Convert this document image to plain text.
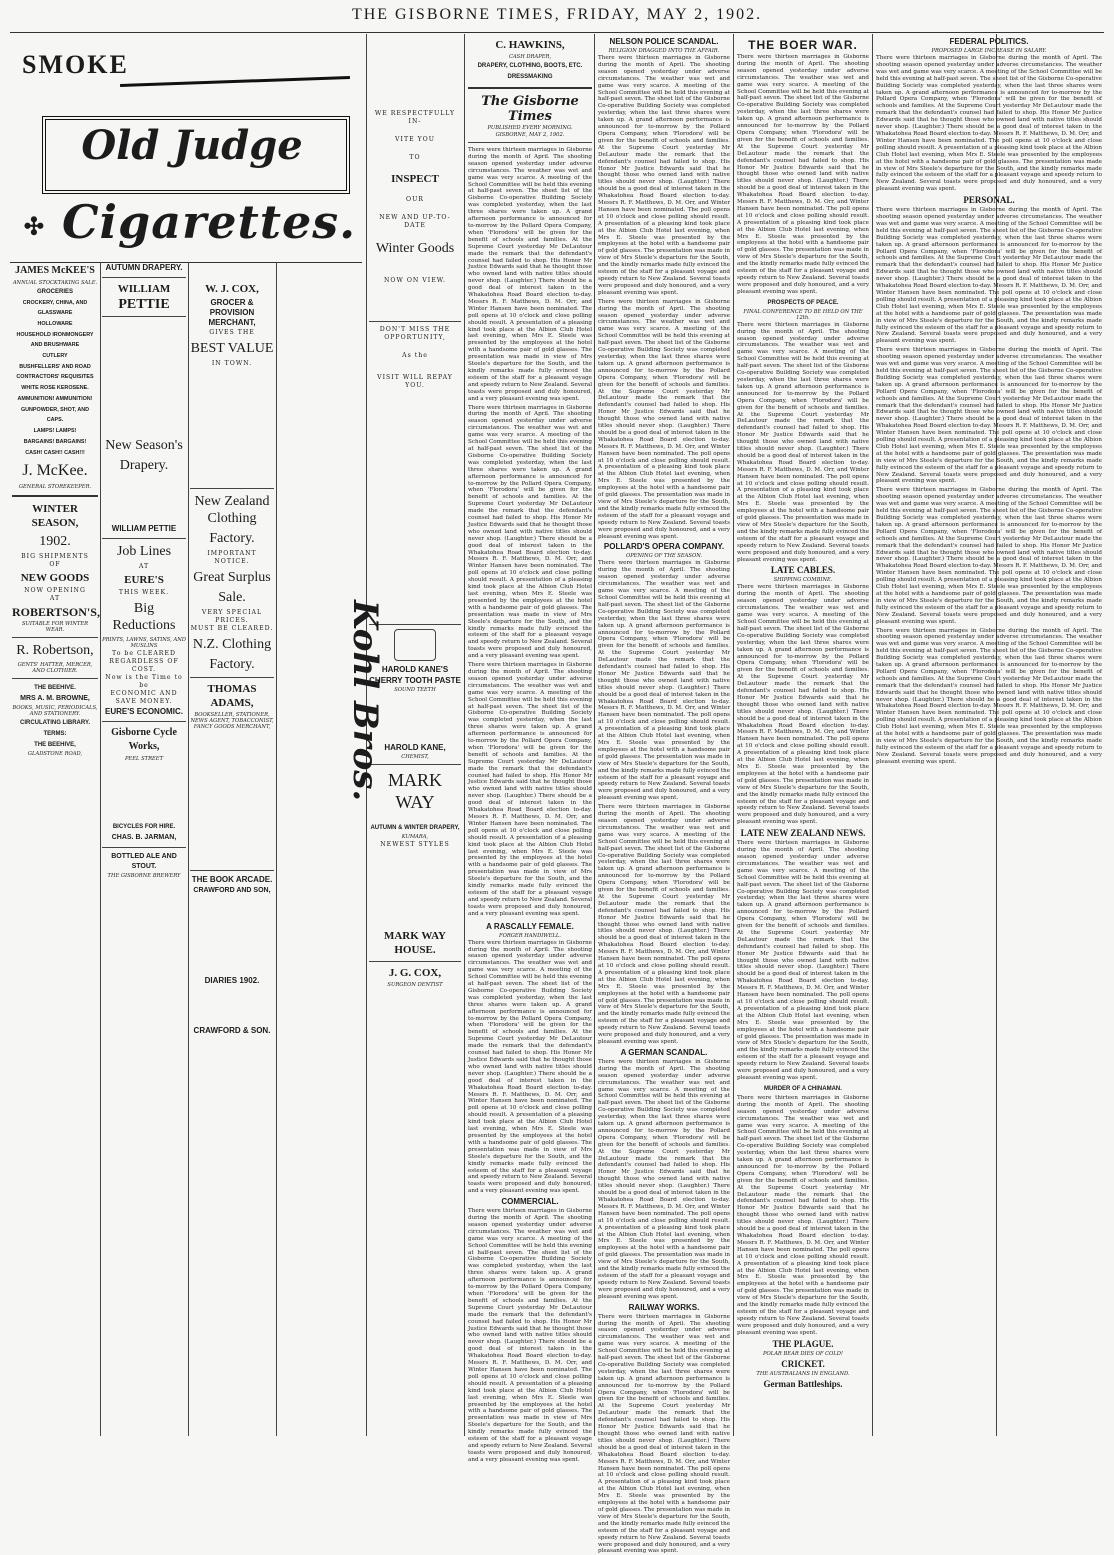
THE GISBORNE TIMES, FRIDAY, MAY 2, 1902.
SMOKE
Old Judge
✣ Cigarettes.
JAMES McKEE'S
ANNUAL STOCKTAKING SALE.
GROCERIES
CROCKERY, CHINA, AND GLASSWARE
HOLLOWARE
HOUSEHOLD IRONMONGERY AND BRUSHWARE
CUTLERY
BUSHFELLERS' AND ROAD CONTRACTORS' REQUISITES
WHITE ROSE KEROSENE.
AMMUNITION! AMMUNITION!
GUNPOWDER, SHOT, AND CAPS.
LAMPS! LAMPS!
BARGAINS! BARGAINS!
CASH! CASH!! CASH!!!
J. McKee.
GENERAL STOREKEEPER.
WINTER SEASON,
1902.
BIG SHIPMENTS
OF
NEW GOODS
NOW OPENING
AT
ROBERTSON'S,
SUITABLE FOR WINTER WEAR.
R. Robertson,
GENTS' HATTER, MERCER, AND CLOTHIER.
THE BEEHIVE.
MRS A. M. BROWNE,
BOOKS, MUSIC, PERIODICALS, AND STATIONERY.
CIRCULATING LIBRARY.
TERMS:
THE BEEHIVE,
GLADSTONE ROAD,
AUTUMN DRAPERY.
WILLIAM
PETTIE
New Season's
Drapery.
WILLIAM PETTIE
Job Lines
AT
EURE'S
THIS WEEK.
Big Reductions
PRINTS, LAWNS, SATINS, AND MUSLINS
To be CLEARED
REGARDLESS OF COST.
Now is the Time to be
ECONOMIC AND SAVE MONEY.
EURE'S ECONOMIC.
Gisborne Cycle Works,
PEEL STREET
BICYCLES FOR HIRE.
CHAS. B. JARMAN,
BOTTLED ALE AND STOUT.
THE GISBORNE BREWERY
W. J. COX,
GROCER & PROVISION MERCHANT,
GIVES THE
BEST VALUE
IN TOWN.
New Zealand Clothing
Factory.
IMPORTANT NOTICE.
Great Surplus
Sale.
VERY SPECIAL PRICES.
MUST BE CLEARED.
N.Z. Clothing
Factory.
THOMAS ADAMS,
BOOKSELLER, STATIONER, NEWS AGENT, TOBACCONIST, FANCY GOODS MERCHANT,
THE BOOK ARCADE.
CRAWFORD AND SON,
DIARIES 1902.
CRAWFORD & SON.
WE RESPECTFULLY IN-
VITE YOU
TO
INSPECT
OUR
NEW AND UP-TO-DATE
Winter Goods
NOW ON VIEW.
DON'T MISS THE OPPORTUNITY,
As the
VISIT WILL REPAY YOU.
HAROLD KANE'S
CHERRY TOOTH PASTE
SOUND TEETH
HAROLD KANE,
CHEMIST,
MARK WAY
AUTUMN & WINTER DRAPERY,
KUMARA,
NEWEST STYLES
MARK WAY HOUSE.
J. G. COX,
SURGEON DENTIST
Kohl Bros.
C. HAWKINS,
CASH DRAPER,
DRAPERY, CLOTHING, BOOTS, ETC.
DRESSMAKING
The Gisborne Times
PUBLISHED EVERY MORNING.
GISBORNE, MAY 2, 1902.

There were thirteen marriages in Gisborne during the month of April. The shooting season opened yesterday under adverse circumstances. The weather was wet and game was very scarce. A meeting of the School Committee will be held this evening at half-past seven. The sheet list of the Gisborne Co-operative Building Society was completed yesterday, when the last three shares were taken up. A grand afternoon performance is announced for to-morrow by the Pollard Opera Company, when 'Florodora' will be given for the benefit of schools and families. At the Supreme Court yesterday Mr DeLautour made the remark that the defendant's counsel had failed to shop. His Honor Mr Justice Edwards said that he thought those who owned land with native titles should never shop. (Laughter.) There should be a good deal of interest taken in the Whakatohea Road Board election to-day. Messrs R. F. Matthews, D. M. Orr, and Winter Hansen have been nominated. The poll opens at 10 o'clock and close polling should result. A presentation of a pleasing kind took place at the Albion Club Hotel last evening, when Mrs E. Steele was presented by the employees at the hotel with a handsome pair of gold glasses. The presentation was made in view of Mrs Steele's departure for the South, and the kindly remarks made fully evinced the esteem of the staff for a pleasant voyage and speedy return to New Zealand. Several toasts were proposed and duly honoured, and a very pleasant evening was spent.

There were thirteen marriages in Gisborne during the month of April. The shooting season opened yesterday under adverse circumstances. The weather was wet and game was very scarce. A meeting of the School Committee will be held this evening at half-past seven. The sheet list of the Gisborne Co-operative Building Society was completed yesterday, when the last three shares were taken up. A grand afternoon performance is announced for to-morrow by the Pollard Opera Company, when 'Florodora' will be given for the benefit of schools and families. At the Supreme Court yesterday Mr DeLautour made the remark that the defendant's counsel had failed to shop. His Honor Mr Justice Edwards said that he thought those who owned land with native titles should never shop. (Laughter.) There should be a good deal of interest taken in the Whakatohea Road Board election to-day. Messrs R. F. Matthews, D. M. Orr, and Winter Hansen have been nominated. The poll opens at 10 o'clock and close polling should result. A presentation of a pleasing kind took place at the Albion Club Hotel last evening, when Mrs E. Steele was presented by the employees at the hotel with a handsome pair of gold glasses. The presentation was made in view of Mrs Steele's departure for the South, and the kindly remarks made fully evinced the esteem of the staff for a pleasant voyage and speedy return to New Zealand. Several toasts were proposed and duly honoured, and a very pleasant evening was spent.

There were thirteen marriages in Gisborne during the month of April. The shooting season opened yesterday under adverse circumstances. The weather was wet and game was very scarce. A meeting of the School Committee will be held this evening at half-past seven. The sheet list of the Gisborne Co-operative Building Society was completed yesterday, when the last three shares were taken up. A grand afternoon performance is announced for to-morrow by the Pollard Opera Company, when 'Florodora' will be given for the benefit of schools and families. At the Supreme Court yesterday Mr DeLautour made the remark that the defendant's counsel had failed to shop. His Honor Mr Justice Edwards said that he thought those who owned land with native titles should never shop. (Laughter.) There should be a good deal of interest taken in the Whakatohea Road Board election to-day. Messrs R. F. Matthews, D. M. Orr, and Winter Hansen have been nominated. The poll opens at 10 o'clock and close polling should result. A presentation of a pleasing kind took place at the Albion Club Hotel last evening, when Mrs E. Steele was presented by the employees at the hotel with a handsome pair of gold glasses. The presentation was made in view of Mrs Steele's departure for the South, and the kindly remarks made fully evinced the esteem of the staff for a pleasant voyage and speedy return to New Zealand. Several toasts were proposed and duly honoured, and a very pleasant evening was spent.

A RASCALLY FEMALE.
FORGER HANDIWELL.

There were thirteen marriages in Gisborne during the month of April. The shooting season opened yesterday under adverse circumstances. The weather was wet and game was very scarce. A meeting of the School Committee will be held this evening at half-past seven. The sheet list of the Gisborne Co-operative Building Society was completed yesterday, when the last three shares were taken up. A grand afternoon performance is announced for to-morrow by the Pollard Opera Company, when 'Florodora' will be given for the benefit of schools and families. At the Supreme Court yesterday Mr DeLautour made the remark that the defendant's counsel had failed to shop. His Honor Mr Justice Edwards said that he thought those who owned land with native titles should never shop. (Laughter.) There should be a good deal of interest taken in the Whakatohea Road Board election to-day. Messrs R. F. Matthews, D. M. Orr, and Winter Hansen have been nominated. The poll opens at 10 o'clock and close polling should result. A presentation of a pleasing kind took place at the Albion Club Hotel last evening, when Mrs E. Steele was presented by the employees at the hotel with a handsome pair of gold glasses. The presentation was made in view of Mrs Steele's departure for the South, and the kindly remarks made fully evinced the esteem of the staff for a pleasant voyage and speedy return to New Zealand. Several toasts were proposed and duly honoured, and a very pleasant evening was spent.

COMMERCIAL.

There were thirteen marriages in Gisborne during the month of April. The shooting season opened yesterday under adverse circumstances. The weather was wet and game was very scarce. A meeting of the School Committee will be held this evening at half-past seven. The sheet list of the Gisborne Co-operative Building Society was completed yesterday, when the last three shares were taken up. A grand afternoon performance is announced for to-morrow by the Pollard Opera Company, when 'Florodora' will be given for the benefit of schools and families. At the Supreme Court yesterday Mr DeLautour made the remark that the defendant's counsel had failed to shop. His Honor Mr Justice Edwards said that he thought those who owned land with native titles should never shop. (Laughter.) There should be a good deal of interest taken in the Whakatohea Road Board election to-day. Messrs R. F. Matthews, D. M. Orr, and Winter Hansen have been nominated. The poll opens at 10 o'clock and close polling should result. A presentation of a pleasing kind took place at the Albion Club Hotel last evening, when Mrs E. Steele was presented by the employees at the hotel with a handsome pair of gold glasses. The presentation was made in view of Mrs Steele's departure for the South, and the kindly remarks made fully evinced the esteem of the staff for a pleasant voyage and speedy return to New Zealand. Several toasts were proposed and duly honoured, and a very pleasant evening was spent.

NELSON POLICE SCANDAL.
RELIGION DRAGGED INTO THE AFFAIR.

There were thirteen marriages in Gisborne during the month of April. The shooting season opened yesterday under adverse circumstances. The weather was wet and game was very scarce. A meeting of the School Committee will be held this evening at half-past seven. The sheet list of the Gisborne Co-operative Building Society was completed yesterday, when the last three shares were taken up. A grand afternoon performance is announced for to-morrow by the Pollard Opera Company, when 'Florodora' will be given for the benefit of schools and families. At the Supreme Court yesterday Mr DeLautour made the remark that the defendant's counsel had failed to shop. His Honor Mr Justice Edwards said that he thought those who owned land with native titles should never shop. (Laughter.) There should be a good deal of interest taken in the Whakatohea Road Board election to-day. Messrs R. F. Matthews, D. M. Orr, and Winter Hansen have been nominated. The poll opens at 10 o'clock and close polling should result. A presentation of a pleasing kind took place at the Albion Club Hotel last evening, when Mrs E. Steele was presented by the employees at the hotel with a handsome pair of gold glasses. The presentation was made in view of Mrs Steele's departure for the South, and the kindly remarks made fully evinced the esteem of the staff for a pleasant voyage and speedy return to New Zealand. Several toasts were proposed and duly honoured, and a very pleasant evening was spent.

There were thirteen marriages in Gisborne during the month of April. The shooting season opened yesterday under adverse circumstances. The weather was wet and game was very scarce. A meeting of the School Committee will be held this evening at half-past seven. The sheet list of the Gisborne Co-operative Building Society was completed yesterday, when the last three shares were taken up. A grand afternoon performance is announced for to-morrow by the Pollard Opera Company, when 'Florodora' will be given for the benefit of schools and families. At the Supreme Court yesterday Mr DeLautour made the remark that the defendant's counsel had failed to shop. His Honor Mr Justice Edwards said that he thought those who owned land with native titles should never shop. (Laughter.) There should be a good deal of interest taken in the Whakatohea Road Board election to-day. Messrs R. F. Matthews, D. M. Orr, and Winter Hansen have been nominated. The poll opens at 10 o'clock and close polling should result. A presentation of a pleasing kind took place at the Albion Club Hotel last evening, when Mrs E. Steele was presented by the employees at the hotel with a handsome pair of gold glasses. The presentation was made in view of Mrs Steele's departure for the South, and the kindly remarks made fully evinced the esteem of the staff for a pleasant voyage and speedy return to New Zealand. Several toasts were proposed and duly honoured, and a very pleasant evening was spent.

POLLARD'S OPERA COMPANY.
OPENING OF THE SEASON.

There were thirteen marriages in Gisborne during the month of April. The shooting season opened yesterday under adverse circumstances. The weather was wet and game was very scarce. A meeting of the School Committee will be held this evening at half-past seven. The sheet list of the Gisborne Co-operative Building Society was completed yesterday, when the last three shares were taken up. A grand afternoon performance is announced for to-morrow by the Pollard Opera Company, when 'Florodora' will be given for the benefit of schools and families. At the Supreme Court yesterday Mr DeLautour made the remark that the defendant's counsel had failed to shop. His Honor Mr Justice Edwards said that he thought those who owned land with native titles should never shop. (Laughter.) There should be a good deal of interest taken in the Whakatohea Road Board election to-day. Messrs R. F. Matthews, D. M. Orr, and Winter Hansen have been nominated. The poll opens at 10 o'clock and close polling should result. A presentation of a pleasing kind took place at the Albion Club Hotel last evening, when Mrs E. Steele was presented by the employees at the hotel with a handsome pair of gold glasses. The presentation was made in view of Mrs Steele's departure for the South, and the kindly remarks made fully evinced the esteem of the staff for a pleasant voyage and speedy return to New Zealand. Several toasts were proposed and duly honoured, and a very pleasant evening was spent.

There were thirteen marriages in Gisborne during the month of April. The shooting season opened yesterday under adverse circumstances. The weather was wet and game was very scarce. A meeting of the School Committee will be held this evening at half-past seven. The sheet list of the Gisborne Co-operative Building Society was completed yesterday, when the last three shares were taken up. A grand afternoon performance is announced for to-morrow by the Pollard Opera Company, when 'Florodora' will be given for the benefit of schools and families. At the Supreme Court yesterday Mr DeLautour made the remark that the defendant's counsel had failed to shop. His Honor Mr Justice Edwards said that he thought those who owned land with native titles should never shop. (Laughter.) There should be a good deal of interest taken in the Whakatohea Road Board election to-day. Messrs R. F. Matthews, D. M. Orr, and Winter Hansen have been nominated. The poll opens at 10 o'clock and close polling should result. A presentation of a pleasing kind took place at the Albion Club Hotel last evening, when Mrs E. Steele was presented by the employees at the hotel with a handsome pair of gold glasses. The presentation was made in view of Mrs Steele's departure for the South, and the kindly remarks made fully evinced the esteem of the staff for a pleasant voyage and speedy return to New Zealand. Several toasts were proposed and duly honoured, and a very pleasant evening was spent.

A GERMAN SCANDAL.

There were thirteen marriages in Gisborne during the month of April. The shooting season opened yesterday under adverse circumstances. The weather was wet and game was very scarce. A meeting of the School Committee will be held this evening at half-past seven. The sheet list of the Gisborne Co-operative Building Society was completed yesterday, when the last three shares were taken up. A grand afternoon performance is announced for to-morrow by the Pollard Opera Company, when 'Florodora' will be given for the benefit of schools and families. At the Supreme Court yesterday Mr DeLautour made the remark that the defendant's counsel had failed to shop. His Honor Mr Justice Edwards said that he thought those who owned land with native titles should never shop. (Laughter.) There should be a good deal of interest taken in the Whakatohea Road Board election to-day. Messrs R. F. Matthews, D. M. Orr, and Winter Hansen have been nominated. The poll opens at 10 o'clock and close polling should result. A presentation of a pleasing kind took place at the Albion Club Hotel last evening, when Mrs E. Steele was presented by the employees at the hotel with a handsome pair of gold glasses. The presentation was made in view of Mrs Steele's departure for the South, and the kindly remarks made fully evinced the esteem of the staff for a pleasant voyage and speedy return to New Zealand. Several toasts were proposed and duly honoured, and a very pleasant evening was spent.

RAILWAY WORKS.

There were thirteen marriages in Gisborne during the month of April. The shooting season opened yesterday under adverse circumstances. The weather was wet and game was very scarce. A meeting of the School Committee will be held this evening at half-past seven. The sheet list of the Gisborne Co-operative Building Society was completed yesterday, when the last three shares were taken up. A grand afternoon performance is announced for to-morrow by the Pollard Opera Company, when 'Florodora' will be given for the benefit of schools and families. At the Supreme Court yesterday Mr DeLautour made the remark that the defendant's counsel had failed to shop. His Honor Mr Justice Edwards said that he thought those who owned land with native titles should never shop. (Laughter.) There should be a good deal of interest taken in the Whakatohea Road Board election to-day. Messrs R. F. Matthews, D. M. Orr, and Winter Hansen have been nominated. The poll opens at 10 o'clock and close polling should result. A presentation of a pleasing kind took place at the Albion Club Hotel last evening, when Mrs E. Steele was presented by the employees at the hotel with a handsome pair of gold glasses. The presentation was made in view of Mrs Steele's departure for the South, and the kindly remarks made fully evinced the esteem of the staff for a pleasant voyage and speedy return to New Zealand. Several toasts were proposed and duly honoured, and a very pleasant evening was spent.

THE BOER WAR.

There were thirteen marriages in Gisborne during the month of April. The shooting season opened yesterday under adverse circumstances. The weather was wet and game was very scarce. A meeting of the School Committee will be held this evening at half-past seven. The sheet list of the Gisborne Co-operative Building Society was completed yesterday, when the last three shares were taken up. A grand afternoon performance is announced for to-morrow by the Pollard Opera Company, when 'Florodora' will be given for the benefit of schools and families. At the Supreme Court yesterday Mr DeLautour made the remark that the defendant's counsel had failed to shop. His Honor Mr Justice Edwards said that he thought those who owned land with native titles should never shop. (Laughter.) There should be a good deal of interest taken in the Whakatohea Road Board election to-day. Messrs R. F. Matthews, D. M. Orr, and Winter Hansen have been nominated. The poll opens at 10 o'clock and close polling should result. A presentation of a pleasing kind took place at the Albion Club Hotel last evening, when Mrs E. Steele was presented by the employees at the hotel with a handsome pair of gold glasses. The presentation was made in view of Mrs Steele's departure for the South, and the kindly remarks made fully evinced the esteem of the staff for a pleasant voyage and speedy return to New Zealand. Several toasts were proposed and duly honoured, and a very pleasant evening was spent.

PROSPECTS OF PEACE.
FINAL CONFERENCE TO BE HELD ON THE 12th.

There were thirteen marriages in Gisborne during the month of April. The shooting season opened yesterday under adverse circumstances. The weather was wet and game was very scarce. A meeting of the School Committee will be held this evening at half-past seven. The sheet list of the Gisborne Co-operative Building Society was completed yesterday, when the last three shares were taken up. A grand afternoon performance is announced for to-morrow by the Pollard Opera Company, when 'Florodora' will be given for the benefit of schools and families. At the Supreme Court yesterday Mr DeLautour made the remark that the defendant's counsel had failed to shop. His Honor Mr Justice Edwards said that he thought those who owned land with native titles should never shop. (Laughter.) There should be a good deal of interest taken in the Whakatohea Road Board election to-day. Messrs R. F. Matthews, D. M. Orr, and Winter Hansen have been nominated. The poll opens at 10 o'clock and close polling should result. A presentation of a pleasing kind took place at the Albion Club Hotel last evening, when Mrs E. Steele was presented by the employees at the hotel with a handsome pair of gold glasses. The presentation was made in view of Mrs Steele's departure for the South, and the kindly remarks made fully evinced the esteem of the staff for a pleasant voyage and speedy return to New Zealand. Several toasts were proposed and duly honoured, and a very pleasant evening was spent.

LATE CABLES.
SHIPPING COMBINE.

There were thirteen marriages in Gisborne during the month of April. The shooting season opened yesterday under adverse circumstances. The weather was wet and game was very scarce. A meeting of the School Committee will be held this evening at half-past seven. The sheet list of the Gisborne Co-operative Building Society was completed yesterday, when the last three shares were taken up. A grand afternoon performance is announced for to-morrow by the Pollard Opera Company, when 'Florodora' will be given for the benefit of schools and families. At the Supreme Court yesterday Mr DeLautour made the remark that the defendant's counsel had failed to shop. His Honor Mr Justice Edwards said that he thought those who owned land with native titles should never shop. (Laughter.) There should be a good deal of interest taken in the Whakatohea Road Board election to-day. Messrs R. F. Matthews, D. M. Orr, and Winter Hansen have been nominated. The poll opens at 10 o'clock and close polling should result. A presentation of a pleasing kind took place at the Albion Club Hotel last evening, when Mrs E. Steele was presented by the employees at the hotel with a handsome pair of gold glasses. The presentation was made in view of Mrs Steele's departure for the South, and the kindly remarks made fully evinced the esteem of the staff for a pleasant voyage and speedy return to New Zealand. Several toasts were proposed and duly honoured, and a very pleasant evening was spent.

LATE NEW ZEALAND NEWS.

There were thirteen marriages in Gisborne during the month of April. The shooting season opened yesterday under adverse circumstances. The weather was wet and game was very scarce. A meeting of the School Committee will be held this evening at half-past seven. The sheet list of the Gisborne Co-operative Building Society was completed yesterday, when the last three shares were taken up. A grand afternoon performance is announced for to-morrow by the Pollard Opera Company, when 'Florodora' will be given for the benefit of schools and families. At the Supreme Court yesterday Mr DeLautour made the remark that the defendant's counsel had failed to shop. His Honor Mr Justice Edwards said that he thought those who owned land with native titles should never shop. (Laughter.) There should be a good deal of interest taken in the Whakatohea Road Board election to-day. Messrs R. F. Matthews, D. M. Orr, and Winter Hansen have been nominated. The poll opens at 10 o'clock and close polling should result. A presentation of a pleasing kind took place at the Albion Club Hotel last evening, when Mrs E. Steele was presented by the employees at the hotel with a handsome pair of gold glasses. The presentation was made in view of Mrs Steele's departure for the South, and the kindly remarks made fully evinced the esteem of the staff for a pleasant voyage and speedy return to New Zealand. Several toasts were proposed and duly honoured, and a very pleasant evening was spent.

MURDER OF A CHINAMAN.

There were thirteen marriages in Gisborne during the month of April. The shooting season opened yesterday under adverse circumstances. The weather was wet and game was very scarce. A meeting of the School Committee will be held this evening at half-past seven. The sheet list of the Gisborne Co-operative Building Society was completed yesterday, when the last three shares were taken up. A grand afternoon performance is announced for to-morrow by the Pollard Opera Company, when 'Florodora' will be given for the benefit of schools and families. At the Supreme Court yesterday Mr DeLautour made the remark that the defendant's counsel had failed to shop. His Honor Mr Justice Edwards said that he thought those who owned land with native titles should never shop. (Laughter.) There should be a good deal of interest taken in the Whakatohea Road Board election to-day. Messrs R. F. Matthews, D. M. Orr, and Winter Hansen have been nominated. The poll opens at 10 o'clock and close polling should result. A presentation of a pleasing kind took place at the Albion Club Hotel last evening, when Mrs E. Steele was presented by the employees at the hotel with a handsome pair of gold glasses. The presentation was made in view of Mrs Steele's departure for the South, and the kindly remarks made fully evinced the esteem of the staff for a pleasant voyage and speedy return to New Zealand. Several toasts were proposed and duly honoured, and a very pleasant evening was spent.

THE PLAGUE.
POLAR BEAR DIES OF COLD!
CRICKET.
THE AUSTRALIANS IN ENGLAND.
German Battleships.
FEDERAL POLITICS.
PROPOSED LARGE INCREASE IN SALARY.

There were thirteen marriages in Gisborne during the month of April. The shooting season opened yesterday under adverse circumstances. The weather was wet and game was very scarce. A meeting of the School Committee will be held this evening at half-past seven. The sheet list of the Gisborne Co-operative Building Society was completed yesterday, when the last three shares were taken up. A grand afternoon performance is announced for to-morrow by the Pollard Opera Company, when 'Florodora' will be given for the benefit of schools and families. At the Supreme Court yesterday Mr DeLautour made the remark that the defendant's counsel had failed to shop. His Honor Mr Justice Edwards said that he thought those who owned land with native titles should never shop. (Laughter.) There should be a good deal of interest taken in the Whakatohea Road Board election to-day. Messrs R. F. Matthews, D. M. Orr, and Winter Hansen have been nominated. The poll opens at 10 o'clock and close polling should result. A presentation of a pleasing kind took place at the Albion Club Hotel last evening, when Mrs E. Steele was presented by the employees at the hotel with a handsome pair of gold glasses. The presentation was made in view of Mrs Steele's departure for the South, and the kindly remarks made fully evinced the esteem of the staff for a pleasant voyage and speedy return to New Zealand. Several toasts were proposed and duly honoured, and a very pleasant evening was spent.

PERSONAL.

There were thirteen marriages in Gisborne during the month of April. The shooting season opened yesterday under adverse circumstances. The weather was wet and game was very scarce. A meeting of the School Committee will be held this evening at half-past seven. The sheet list of the Gisborne Co-operative Building Society was completed yesterday, when the last three shares were taken up. A grand afternoon performance is announced for to-morrow by the Pollard Opera Company, when 'Florodora' will be given for the benefit of schools and families. At the Supreme Court yesterday Mr DeLautour made the remark that the defendant's counsel had failed to shop. His Honor Mr Justice Edwards said that he thought those who owned land with native titles should never shop. (Laughter.) There should be a good deal of interest taken in the Whakatohea Road Board election to-day. Messrs R. F. Matthews, D. M. Orr, and Winter Hansen have been nominated. The poll opens at 10 o'clock and close polling should result. A presentation of a pleasing kind took place at the Albion Club Hotel last evening, when Mrs E. Steele was presented by the employees at the hotel with a handsome pair of gold glasses. The presentation was made in view of Mrs Steele's departure for the South, and the kindly remarks made fully evinced the esteem of the staff for a pleasant voyage and speedy return to New Zealand. Several toasts were proposed and duly honoured, and a very pleasant evening was spent.

There were thirteen marriages in Gisborne during the month of April. The shooting season opened yesterday under adverse circumstances. The weather was wet and game was very scarce. A meeting of the School Committee will be held this evening at half-past seven. The sheet list of the Gisborne Co-operative Building Society was completed yesterday, when the last three shares were taken up. A grand afternoon performance is announced for to-morrow by the Pollard Opera Company, when 'Florodora' will be given for the benefit of schools and families. At the Supreme Court yesterday Mr DeLautour made the remark that the defendant's counsel had failed to shop. His Honor Mr Justice Edwards said that he thought those who owned land with native titles should never shop. (Laughter.) There should be a good deal of interest taken in the Whakatohea Road Board election to-day. Messrs R. F. Matthews, D. M. Orr, and Winter Hansen have been nominated. The poll opens at 10 o'clock and close polling should result. A presentation of a pleasing kind took place at the Albion Club Hotel last evening, when Mrs E. Steele was presented by the employees at the hotel with a handsome pair of gold glasses. The presentation was made in view of Mrs Steele's departure for the South, and the kindly remarks made fully evinced the esteem of the staff for a pleasant voyage and speedy return to New Zealand. Several toasts were proposed and duly honoured, and a very pleasant evening was spent.

There were thirteen marriages in Gisborne during the month of April. The shooting season opened yesterday under adverse circumstances. The weather was wet and game was very scarce. A meeting of the School Committee will be held this evening at half-past seven. The sheet list of the Gisborne Co-operative Building Society was completed yesterday, when the last three shares were taken up. A grand afternoon performance is announced for to-morrow by the Pollard Opera Company, when 'Florodora' will be given for the benefit of schools and families. At the Supreme Court yesterday Mr DeLautour made the remark that the defendant's counsel had failed to shop. His Honor Mr Justice Edwards said that he thought those who owned land with native titles should never shop. (Laughter.) There should be a good deal of interest taken in the Whakatohea Road Board election to-day. Messrs R. F. Matthews, D. M. Orr, and Winter Hansen have been nominated. The poll opens at 10 o'clock and close polling should result. A presentation of a pleasing kind took place at the Albion Club Hotel last evening, when Mrs E. Steele was presented by the employees at the hotel with a handsome pair of gold glasses. The presentation was made in view of Mrs Steele's departure for the South, and the kindly remarks made fully evinced the esteem of the staff for a pleasant voyage and speedy return to New Zealand. Several toasts were proposed and duly honoured, and a very pleasant evening was spent.

There were thirteen marriages in Gisborne during the month of April. The shooting season opened yesterday under adverse circumstances. The weather was wet and game was very scarce. A meeting of the School Committee will be held this evening at half-past seven. The sheet list of the Gisborne Co-operative Building Society was completed yesterday, when the last three shares were taken up. A grand afternoon performance is announced for to-morrow by the Pollard Opera Company, when 'Florodora' will be given for the benefit of schools and families. At the Supreme Court yesterday Mr DeLautour made the remark that the defendant's counsel had failed to shop. His Honor Mr Justice Edwards said that he thought those who owned land with native titles should never shop. (Laughter.) There should be a good deal of interest taken in the Whakatohea Road Board election to-day. Messrs R. F. Matthews, D. M. Orr, and Winter Hansen have been nominated. The poll opens at 10 o'clock and close polling should result. A presentation of a pleasing kind took place at the Albion Club Hotel last evening, when Mrs E. Steele was presented by the employees at the hotel with a handsome pair of gold glasses. The presentation was made in view of Mrs Steele's departure for the South, and the kindly remarks made fully evinced the esteem of the staff for a pleasant voyage and speedy return to New Zealand. Several toasts were proposed and duly honoured, and a very pleasant evening was spent.
